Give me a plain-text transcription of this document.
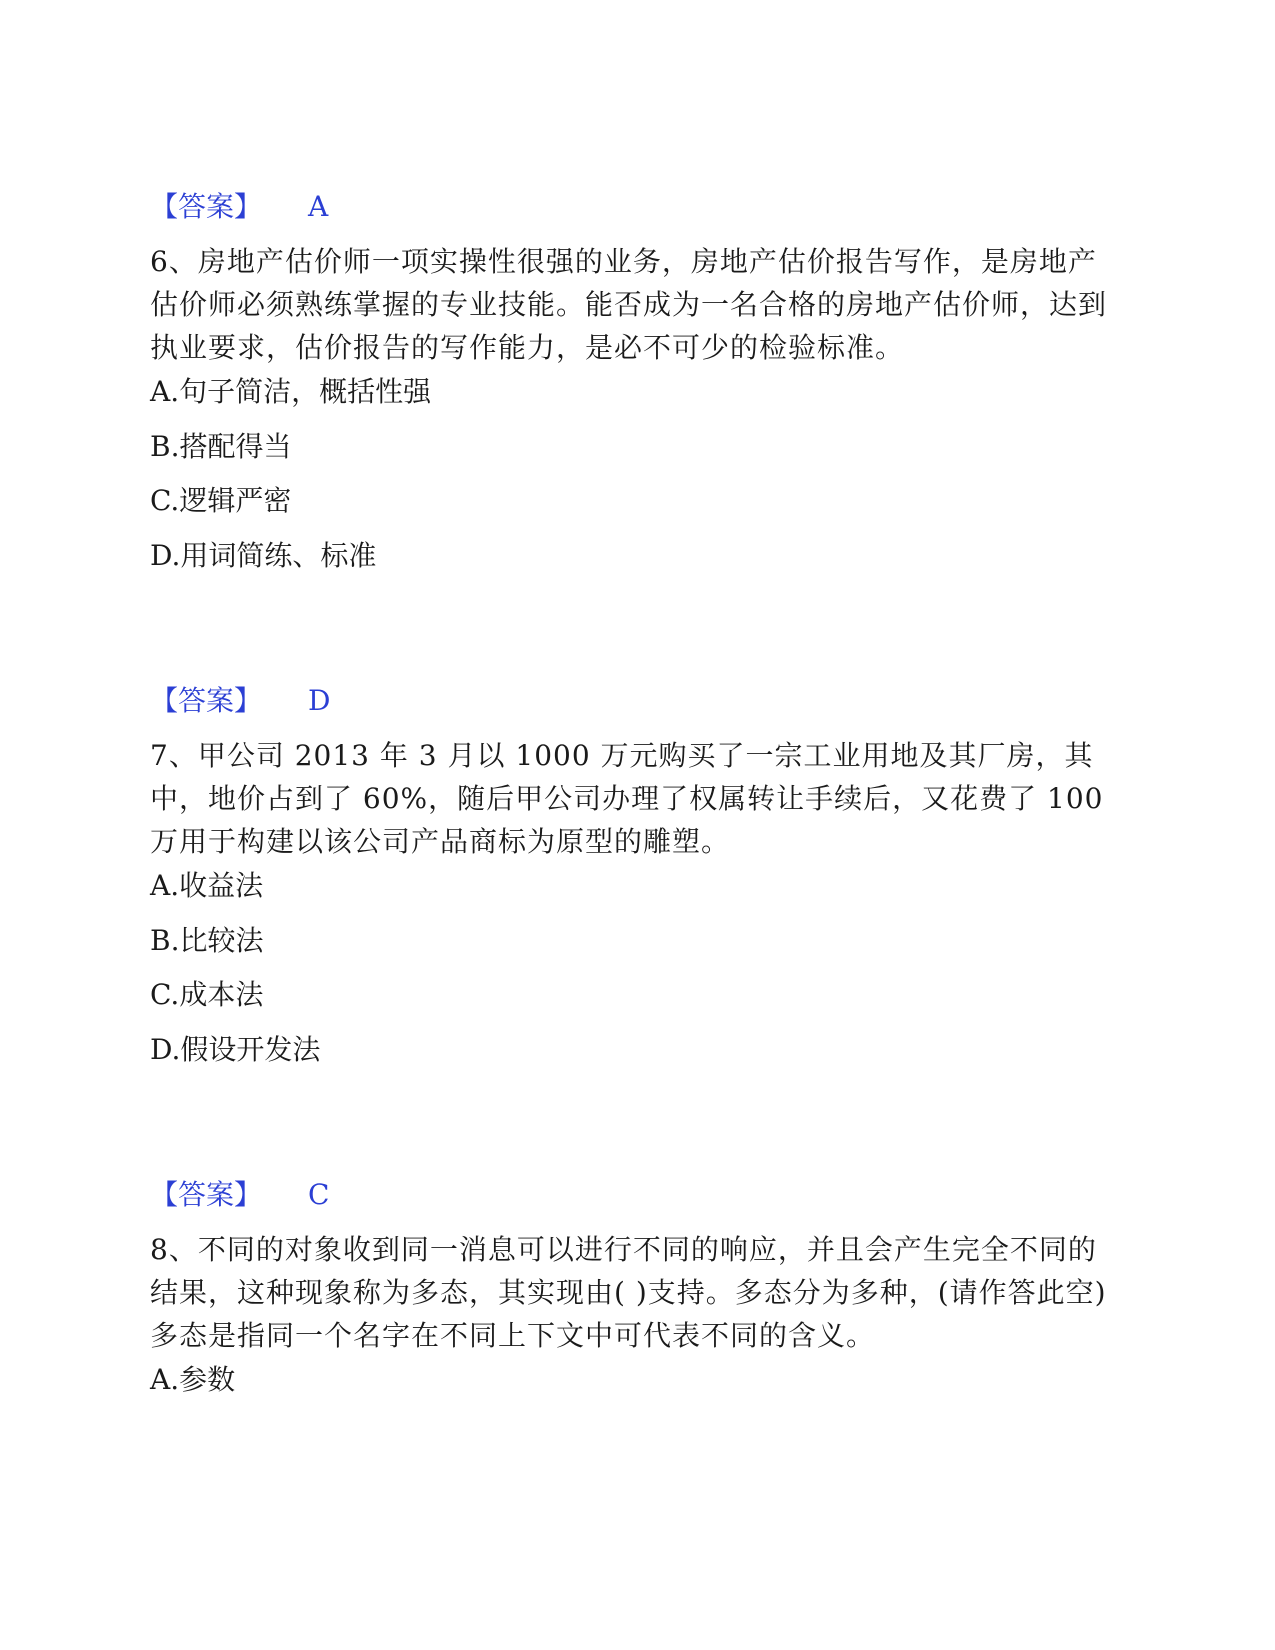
【答案】 A
6、房地产估价师一项实操性很强的业务，房地产估价报告写作，是房地产估价师必须熟练掌握的专业技能。能否成为一名合格的房地产估价师，达到执业要求，估价报告的写作能力，是必不可少的检验标准。
A.句子简洁，概括性强
B.搭配得当
C.逻辑严密
D.用词简练、标准
【答案】 D
7、甲公司 2013 年 3 月以 1000 万元购买了一宗工业用地及其厂房，其中，地价占到了 60%，随后甲公司办理了权属转让手续后，又花费了 100 万用于构建以该公司产品商标为原型的雕塑。
A.收益法
B.比较法
C.成本法
D.假设开发法
【答案】 C
8、不同的对象收到同一消息可以进行不同的响应，并且会产生完全不同的结果，这种现象称为多态，其实现由( )支持。多态分为多种，(请作答此空)多态是指同一个名字在不同上下文中可代表不同的含义。
A.参数
